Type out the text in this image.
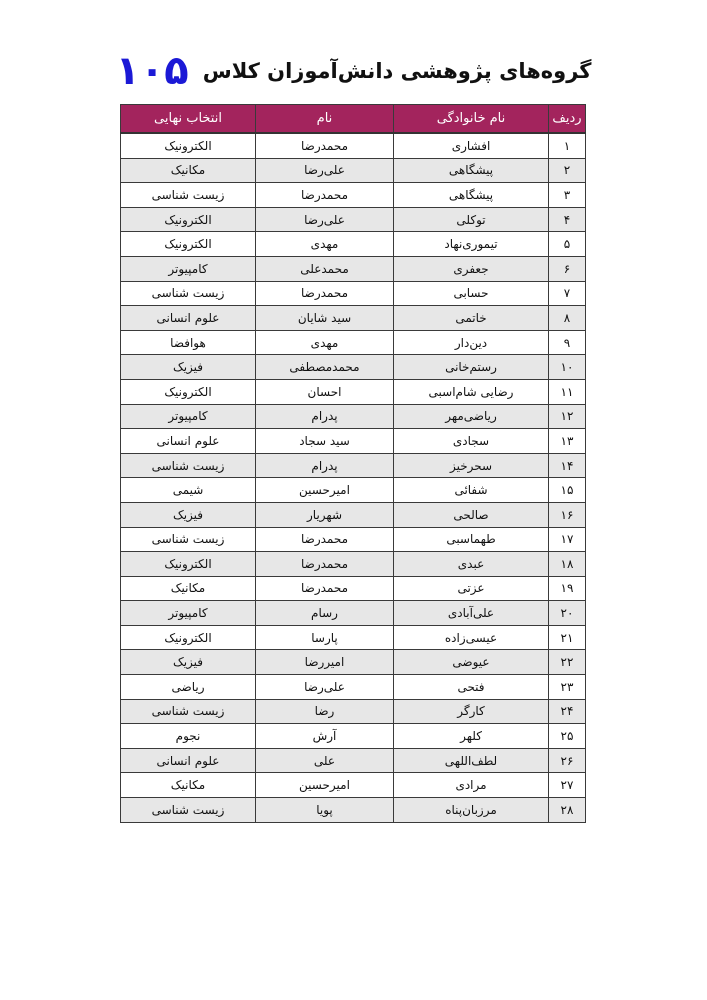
گروه‌های پژوهشی دانش‌آموزان کلاس۱۰۵
ردیف	نام خانوادگی	نام	انتخاب نهایی
۱	افشاری	محمدرضا	الکترونیک
۲	پیشگاهی	علی‌رضا	مکانیک
۳	پیشگاهی	محمدرضا	زیست شناسی
۴	توکلی	علی‌رضا	الکترونیک
۵	تیموری‌نهاد	مهدی	الکترونیک
۶	جعفری	محمدعلی	کامپیوتر
۷	حسابی	محمدرضا	زیست شناسی
۸	خاتمی	سید شایان	علوم انسانی
۹	دین‌دار	مهدی	هوافضا
۱۰	رستم‌خانی	محمدمصطفی	فیزیک
۱۱	رضایی شام‌اسبی	احسان	الکترونیک
۱۲	ریاضی‌مهر	پدرام	کامپیوتر
۱۳	سجادی	سید سجاد	علوم انسانی
۱۴	سحرخیز	پدرام	زیست شناسی
۱۵	شفائی	امیرحسین	شیمی
۱۶	صالحی	شهریار	فیزیک
۱۷	طهماسبی	محمدرضا	زیست شناسی
۱۸	عبدی	محمدرضا	الکترونیک
۱۹	عزتی	محمدرضا	مکانیک
۲۰	علی‌آبادی	رسام	کامپیوتر
۲۱	عیسی‌زاده	پارسا	الکترونیک
۲۲	عیوضی	امیررضا	فیزیک
۲۳	فتحی	علی‌رضا	ریاضی
۲۴	کارگر	رضا	زیست شناسی
۲۵	کلهر	آرش	نجوم
۲۶	لطف‌اللهی	علی	علوم انسانی
۲۷	مرادی	امیرحسین	مکانیک
۲۸	مرزبان‌پناه	پویا	زیست شناسی
